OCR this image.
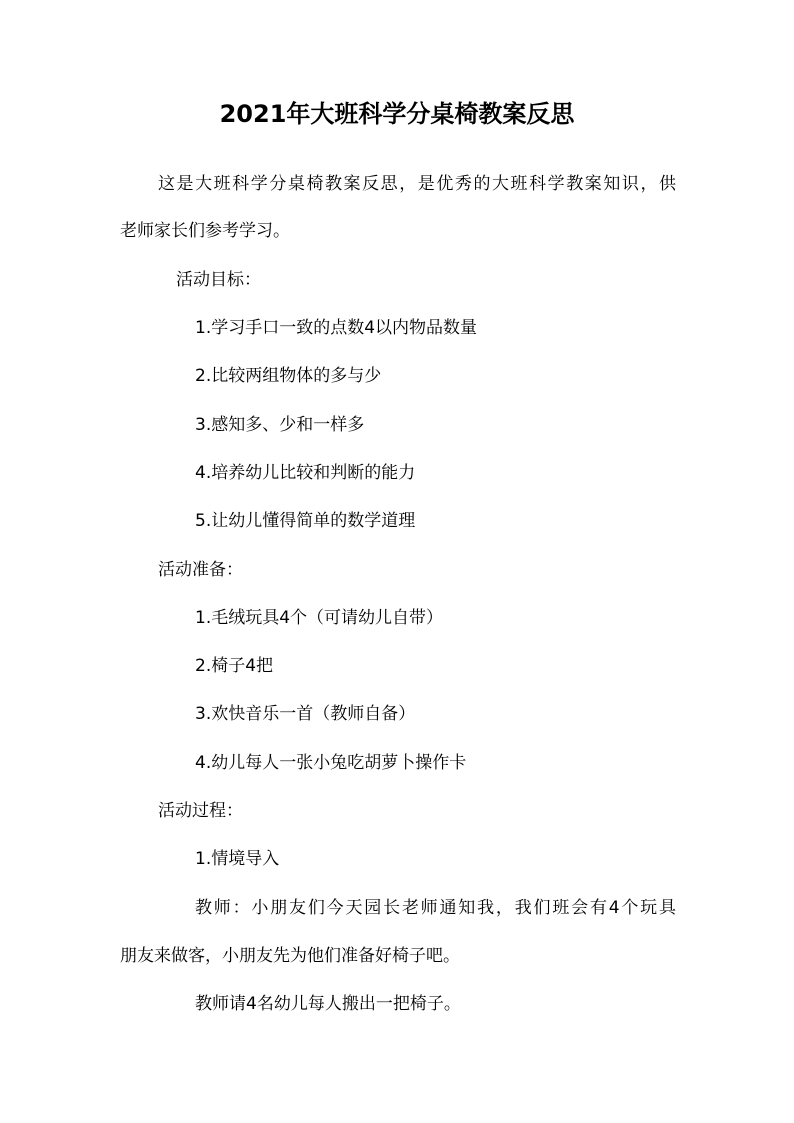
2021年大班科学分桌椅教案反思
这是大班科学分桌椅教案反思，是优秀的大班科学教案知识，供
老师家长们参考学习。
活动目标：
1.学习手口一致的点数4以内物品数量
2.比较两组物体的多与少
3.感知多、少和一样多
4.培养幼儿比较和判断的能力
5.让幼儿懂得简单的数学道理
活动准备：
1.毛绒玩具4个（可请幼儿自带）
2.椅子4把
3.欢快音乐一首（教师自备）
4.幼儿每人一张小兔吃胡萝卜操作卡
活动过程：
1.情境导入
教师：小朋友们今天园长老师通知我，我们班会有4个玩具
朋友来做客，小朋友先为他们准备好椅子吧。
教师请4名幼儿每人搬出一把椅子。
